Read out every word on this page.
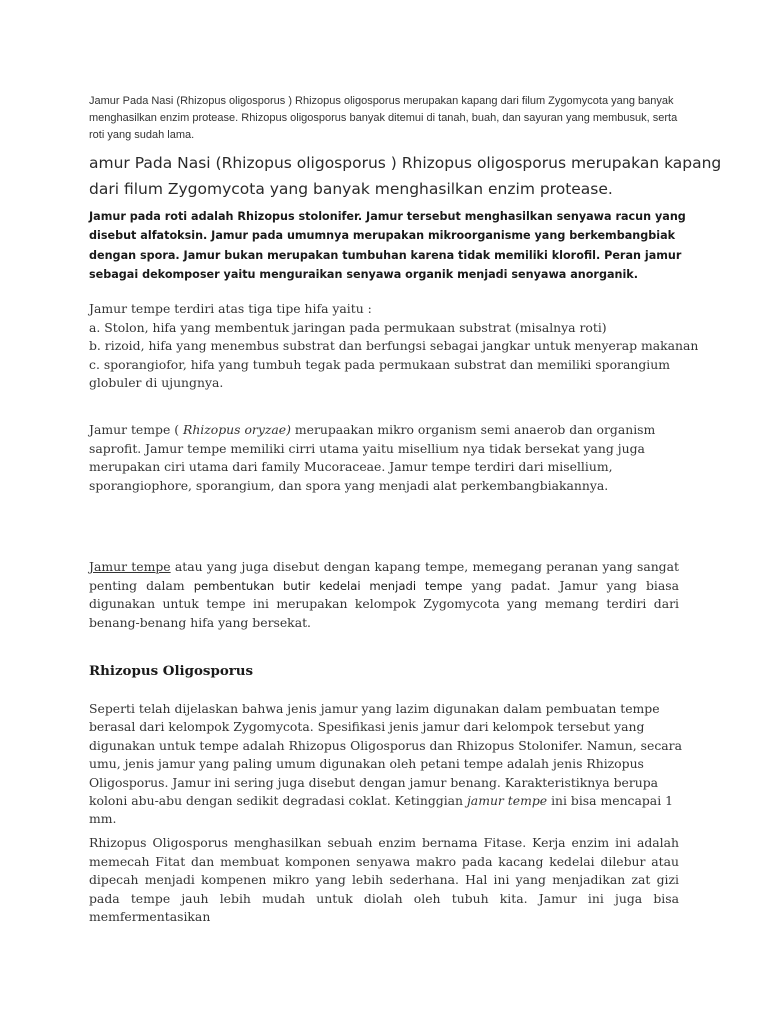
Jamur Pada Nasi (Rhizopus oligosporus ) Rhizopus oligosporus merupakan kapang dari filum Zygomycota yang banyak menghasilkan enzim protease. Rhizopus oligosporus banyak ditemui di tanah, buah, dan sayuran yang membusuk, serta roti yang sudah lama.

amur Pada Nasi (Rhizopus oligosporus ) Rhizopus oligosporus merupakan kapang dari filum Zygomycota yang banyak menghasilkan enzim protease.

Jamur pada roti adalah Rhizopus stolonifer. Jamur tersebut menghasilkan senyawa racun yang disebut alfatoksin. Jamur pada umumnya merupakan mikroorganisme yang berkembangbiak dengan spora. Jamur bukan merupakan tumbuhan karena tidak memiliki klorofil. Peran jamur sebagai dekomposer yaitu menguraikan senyawa organik menjadi senyawa anorganik.

Jamur tempe terdiri atas tiga tipe hifa yaitu :
a. Stolon, hifa yang membentuk jaringan pada permukaan substrat (misalnya roti)
b. rizoid, hifa yang menembus substrat dan berfungsi sebagai jangkar untuk menyerap makanan
c. sporangiofor, hifa yang tumbuh tegak pada permukaan substrat dan memiliki sporangium globuler di ujungnya.

Jamur tempe ( Rhizopus oryzae) merupaakan mikro organism semi anaerob dan organism saprofit. Jamur tempe memiliki cirri utama yaitu misellium nya tidak bersekat yang juga merupakan ciri utama dari family Mucoraceae. Jamur tempe terdiri dari misellium, sporangiophore, sporangium, dan spora yang menjadi alat perkembangbiakannya.

Jamur tempe atau yang juga disebut dengan kapang tempe, memegang peranan yang sangat penting dalam pembentukan butir kedelai menjadi tempe yang padat. Jamur yang biasa digunakan untuk tempe ini merupakan kelompok Zygomycota yang memang terdiri dari benang-benang hifa yang bersekat.

Rhizopus Oligosporus

Seperti telah dijelaskan bahwa jenis jamur yang lazim digunakan dalam pembuatan tempe berasal dari kelompok Zygomycota. Spesifikasi jenis jamur dari kelompok tersebut yang digunakan untuk tempe adalah Rhizopus Oligosporus dan Rhizopus Stolonifer. Namun, secara umu, jenis jamur yang paling umum digunakan oleh petani tempe adalah jenis Rhizopus Oligosporus. Jamur ini sering juga disebut dengan jamur benang. Karakteristiknya berupa koloni abu-abu dengan sedikit degradasi coklat. Ketinggian jamur tempe ini bisa mencapai 1 mm.

Rhizopus Oligosporus menghasilkan sebuah enzim bernama Fitase. Kerja enzim ini adalah memecah Fitat dan membuat komponen senyawa makro pada kacang kedelai dilebur atau dipecah menjadi kompenen mikro yang lebih sederhana. Hal ini yang menjadikan zat gizi pada tempe jauh lebih mudah untuk diolah oleh tubuh kita. Jamur ini juga bisa memfermentasikan
